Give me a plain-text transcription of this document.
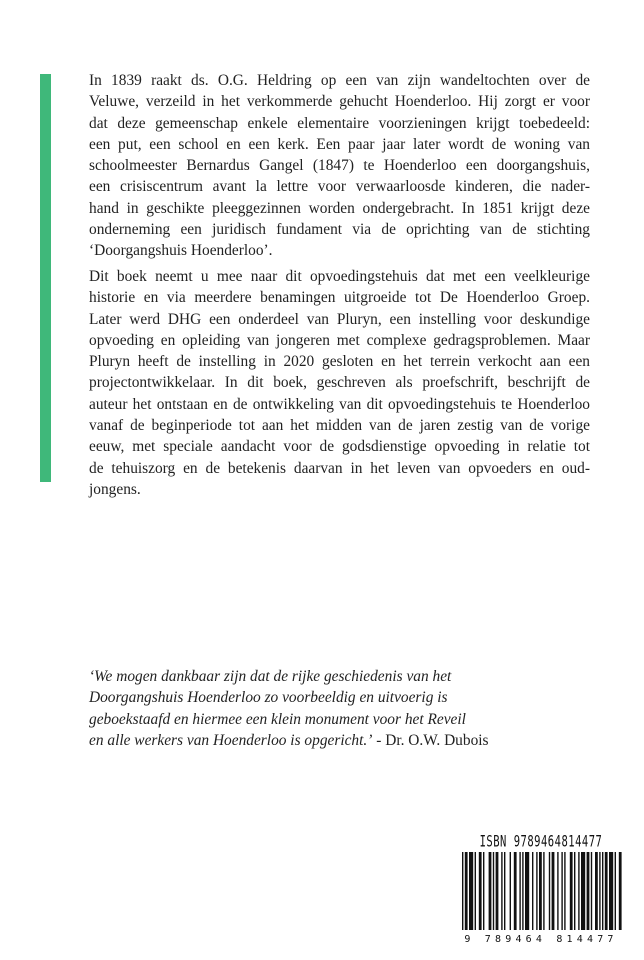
In 1839 raakt ds. O.G. Heldring op een van zijn wandeltochten over de
Veluwe, verzeild in het verkommerde gehucht Hoenderloo. Hij zorgt er voor
dat deze gemeenschap enkele elementaire voorzieningen krijgt toebedeeld:
een put, een school en een kerk. Een paar jaar later wordt de woning van
schoolmeester Bernardus Gangel (1847) te Hoenderloo een doorgangshuis,
een crisiscentrum avant la lettre voor verwaarloosde kinderen, die nader-
hand in geschikte pleeggezinnen worden ondergebracht. In 1851 krijgt deze
onderneming een juridisch fundament via de oprichting van de stichting
‘Doorgangshuis Hoenderloo’.
Dit boek neemt u mee naar dit opvoedingstehuis dat met een veelkleurige
historie en via meerdere benamingen uitgroeide tot De Hoenderloo Groep.
Later werd DHG een onderdeel van Pluryn, een instelling voor deskundige
opvoeding en opleiding van jongeren met complexe gedragsproblemen. Maar
Pluryn heeft de instelling in 2020 gesloten en het terrein verkocht aan een
projectontwikkelaar. In dit boek, geschreven als proefschrift, beschrijft de
auteur het ontstaan en de ontwikkeling van dit opvoedingstehuis te Hoenderloo
vanaf de beginperiode tot aan het midden van de jaren zestig van de vorige
eeuw, met speciale aandacht voor de godsdienstige opvoeding in relatie tot
de tehuiszorg en de betekenis daarvan in het leven van opvoeders en oud-
jongens.
‘We mogen dankbaar zijn dat de rijke geschiedenis van het
Doorgangshuis Hoenderloo zo voorbeeldig en uitvoerig is
geboekstaafd en hiermee een klein monument voor het Reveil
en alle werkers van Hoenderloo is opgericht.’ - Dr. O.W. Dubois
ISBN 9789464814477
9 789464 814477
